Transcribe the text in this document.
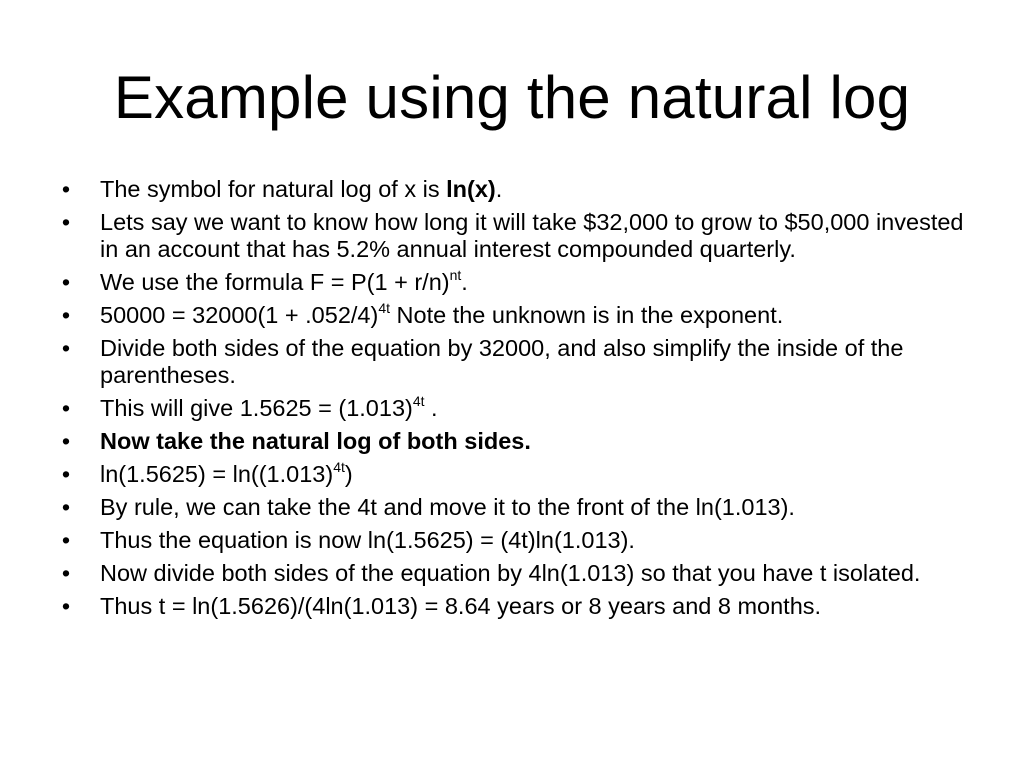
Example using the natural log
• The symbol for natural log of x is ln(x).
• Lets say we want to know how long it will take $32,000 to grow to $50,000 invested in an account that has 5.2% annual interest compounded quarterly.
• We use the formula $F = P(1 + r/n)^{nt}$.
• $50000 = 32000(1 + .052/4)^{4t}$ Note the unknown is in the exponent.
• Divide both sides of the equation by 32000, and also simplify the inside of the parentheses.
• This will give $1.5625 = (1.013)^{4t}$ .
• Now take the natural log of both sides.
• $\ln(1.5625) = \ln((1.013)^{4t})$
• By rule, we can take the 4t and move it to the front of the ln(1.013).
• Thus the equation is now ln(1.5625) = (4t)ln(1.013).
• Now divide both sides of the equation by 4ln(1.013) so that you have t isolated.
• Thus t = ln(1.5626)/(4ln(1.013) = 8.64 years or 8 years and 8 months.
